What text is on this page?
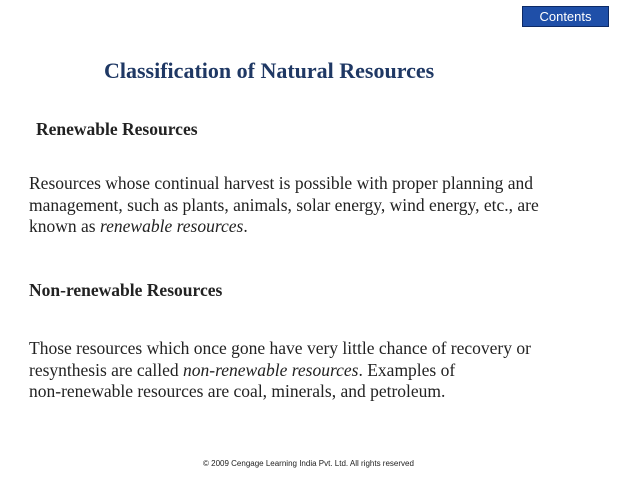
Contents
Classification of Natural Resources
Renewable Resources

Resources whose continual harvest is possible with proper planning and
management, such as plants, animals, solar energy, wind energy, etc., are
known as renewable resources.

Non-renewable Resources

Those resources which once gone have very little chance of recovery or
resynthesis are called non-renewable resources. Examples of
non-renewable resources are coal, minerals, and petroleum.

© 2009 Cengage Learning India Pvt. Ltd. All rights reserved
